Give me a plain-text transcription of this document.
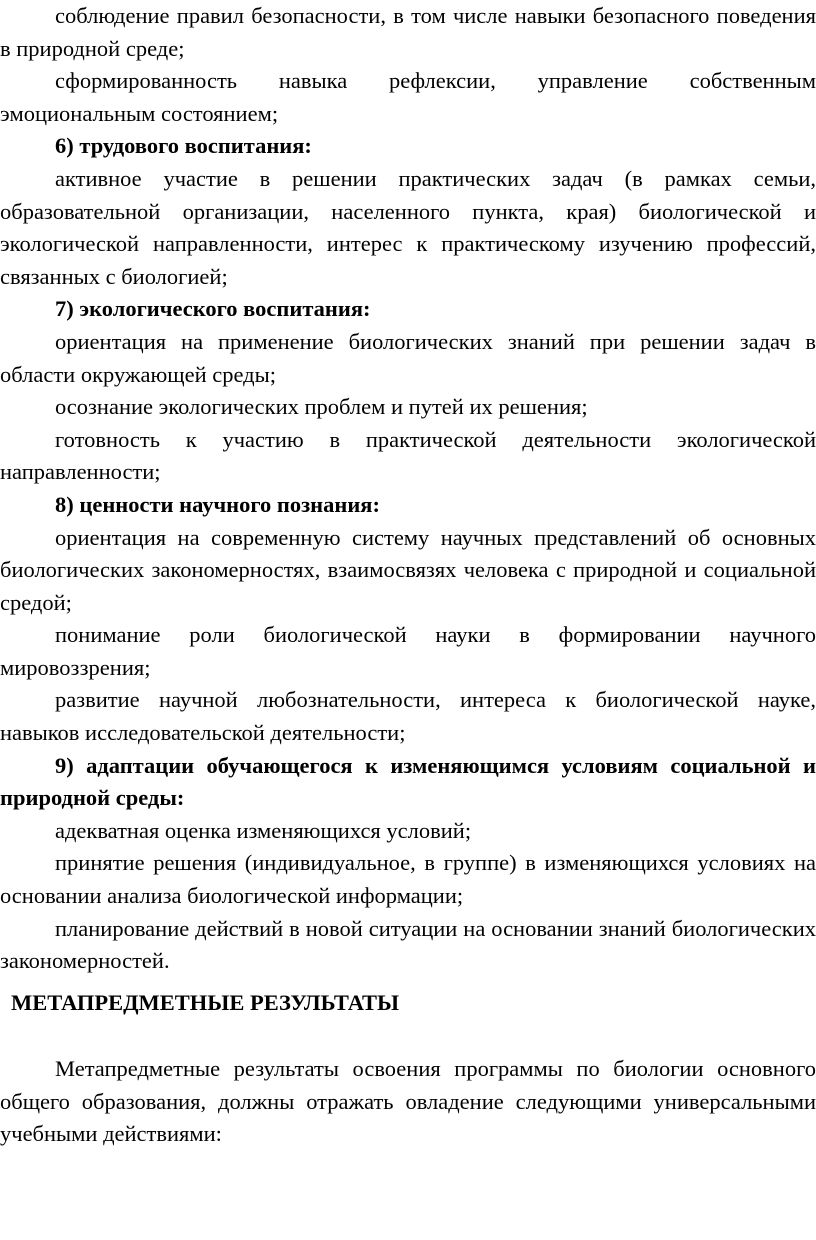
соблюдение правил безопасности, в том числе навыки безопасного поведения в природной среде;

сформированность навыка рефлексии, управление собственным эмоциональным состоянием;

6) трудового воспитания:

активное участие в решении практических задач (в рамках семьи, образовательной организации, населенного пункта, края) биологической и экологической направленности, интерес к практическому изучению профессий, связанных с биологией;

7) экологического воспитания:

ориентация на применение биологических знаний при решении задач в области окружающей среды;

осознание экологических проблем и путей их решения;

готовность к участию в практической деятельности экологической направленности;

8) ценности научного познания:

ориентация на современную систему научных представлений об основных биологических закономерностях, взаимосвязях человека с природной и социальной средой;

понимание роли биологической науки в формировании научного мировоззрения;

развитие научной любознательности, интереса к биологической науке, навыков исследовательской деятельности;

9) адаптации обучающегося к изменяющимся условиям социальной и природной среды:

адекватная оценка изменяющихся условий;

принятие решения (индивидуальное, в группе) в изменяющихся условиях на основании анализа биологической информации;

планирование действий в новой ситуации на основании знаний биологических закономерностей.

МЕТАПРЕДМЕТНЫЕ РЕЗУЛЬТАТЫ

Метапредметные результаты освоения программы по биологии основного общего образования, должны отражать овладение следующими универсальными учебными действиями:
